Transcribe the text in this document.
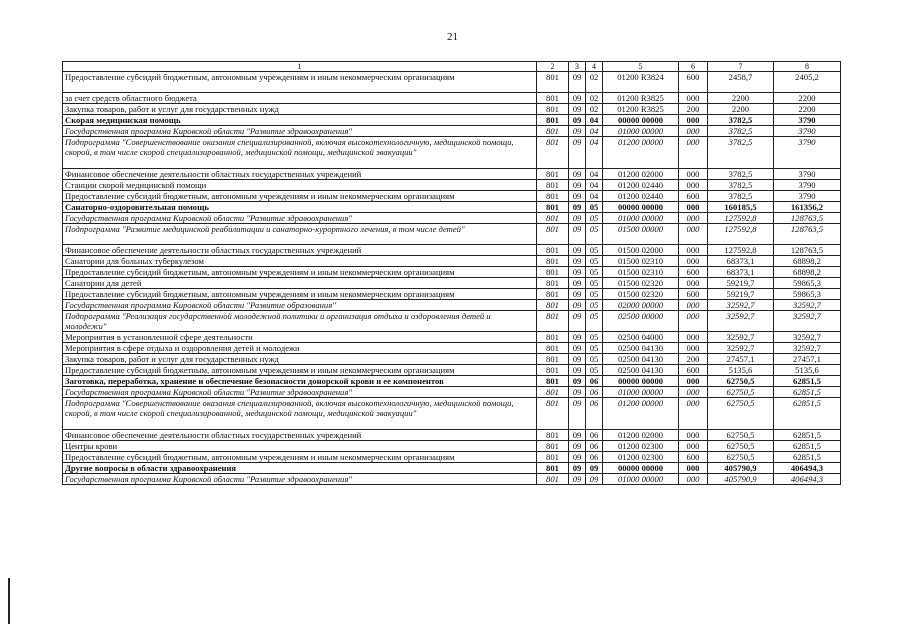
21
1	2	3	4	5	6	7	8
Предоставление субсидий бюджетным, автономным учреждениям и иным некоммерческим организациям	801	09	02	01200 R3824	600	2458,7	2405,2
за счет средств областного бюджета	801	09	02	01200 R3825	000	2200	2200
Закупка товаров, работ и услуг для государственных нужд	801	09	02	01200 R3825	200	2200	2200
Скорая медицинская помощь	801	09	04	00000 00000	000	3782,5	3790
Государственная программа Кировской области "Развитие здравоохранения"	801	09	04	01000 00000	000	3782,5	3790
Подпрограмма "Совершенствование оказания специализированной, включая высокотехнологичную, медицинской помощи, скорой, в том числе скорой специализированной, медицинской помощи, медицинской эвакуации"	801	09	04	01200 00000	000	3782,5	3790
Финансовое обеспечение деятельности областных государственных учреждений	801	09	04	01200 02000	000	3782,5	3790
Станции скорой медицинской помощи	801	09	04	01200 02440	000	3782,5	3790
Предоставление субсидий бюджетным, автономным учреждениям и иным некоммерческим организациям	801	09	04	01200 02440	600	3782,5	3790
Санаторно-оздоровительная помощь	801	09	05	00000 00000	000	160185,5	161356,2
Государственная программа Кировской области "Развитие здравоохранения"	801	09	05	01000 00000	000	127592,8	128763,5
Подпрограмма "Развитие медицинской реабилитации и санаторно-курортного лечения, в том числе детей"	801	09	05	01500 00000	000	127592,8	128763,5
Финансовое обеспечение деятельности областных государственных учреждений	801	09	05	01500 02000	000	127592,8	128763,5
Санатории для больных туберкулезом	801	09	05	01500 02310	000	68373,1	68898,2
Предоставление субсидий бюджетным, автономным учреждениям и иным некоммерческим организациям	801	09	05	01500 02310	600	68373,1	68898,2
Санатории для детей	801	09	05	01500 02320	000	59219,7	59865,3
Предоставление субсидий бюджетным, автономным учреждениям и иным некоммерческим организациям	801	09	05	01500 02320	600	59219,7	59865,3
Государственная программа Кировской области "Развитие образования"	801	09	05	02000 00000	000	32592,7	32592,7
Подпрограмма "Реализация государственной молодежной политики и организация отдыха и оздоровления детей и молодежи"	801	09	05	02500 00000	000	32592,7	32592,7
Мероприятия в установленной сфере деятельности	801	09	05	02500 04000	000	32592,7	32592,7
Мероприятия в сфере отдыха и оздоровления детей и молодежи	801	09	05	02500 04130	000	32592,7	32592,7
Закупка товаров, работ и услуг для государственных нужд	801	09	05	02500 04130	200	27457,1	27457,1
Предоставление субсидий бюджетным, автономным учреждениям и иным некоммерческим организациям	801	09	05	02500 04130	600	5135,6	5135,6
Заготовка, переработка, хранение и обеспечение безопасности донорской крови и ее компонентов	801	09	06	00000 00000	000	62750,5	62851,5
Государственная программа Кировской области "Развитие здравоохранения"	801	09	06	01000 00000	000	62750,5	62851,5
Подпрограмма "Совершенствование оказания специализированной, включая высокотехнологичную, медицинской помощи, скорой, в том числе скорой специализированной, медицинской помощи, медицинской эвакуации"	801	09	06	01200 00000	000	62750,5	62851,5
Финансовое обеспечение деятельности областных государственных учреждений	801	09	06	01200 02000	000	62750,5	62851,5
Центры крови	801	09	06	01200 02300	000	62750,5	62851,5
Предоставление субсидий бюджетным, автономным учреждениям и иным некоммерческим организациям	801	09	06	01200 02300	600	62750,5	62851,5
Другие вопросы в области здравоохранения	801	09	09	00000 00000	000	405790,9	406494,3
Государственная программа Кировской области "Развитие здравоохранения"	801	09	09	01000 00000	000	405790,9	406494,3
